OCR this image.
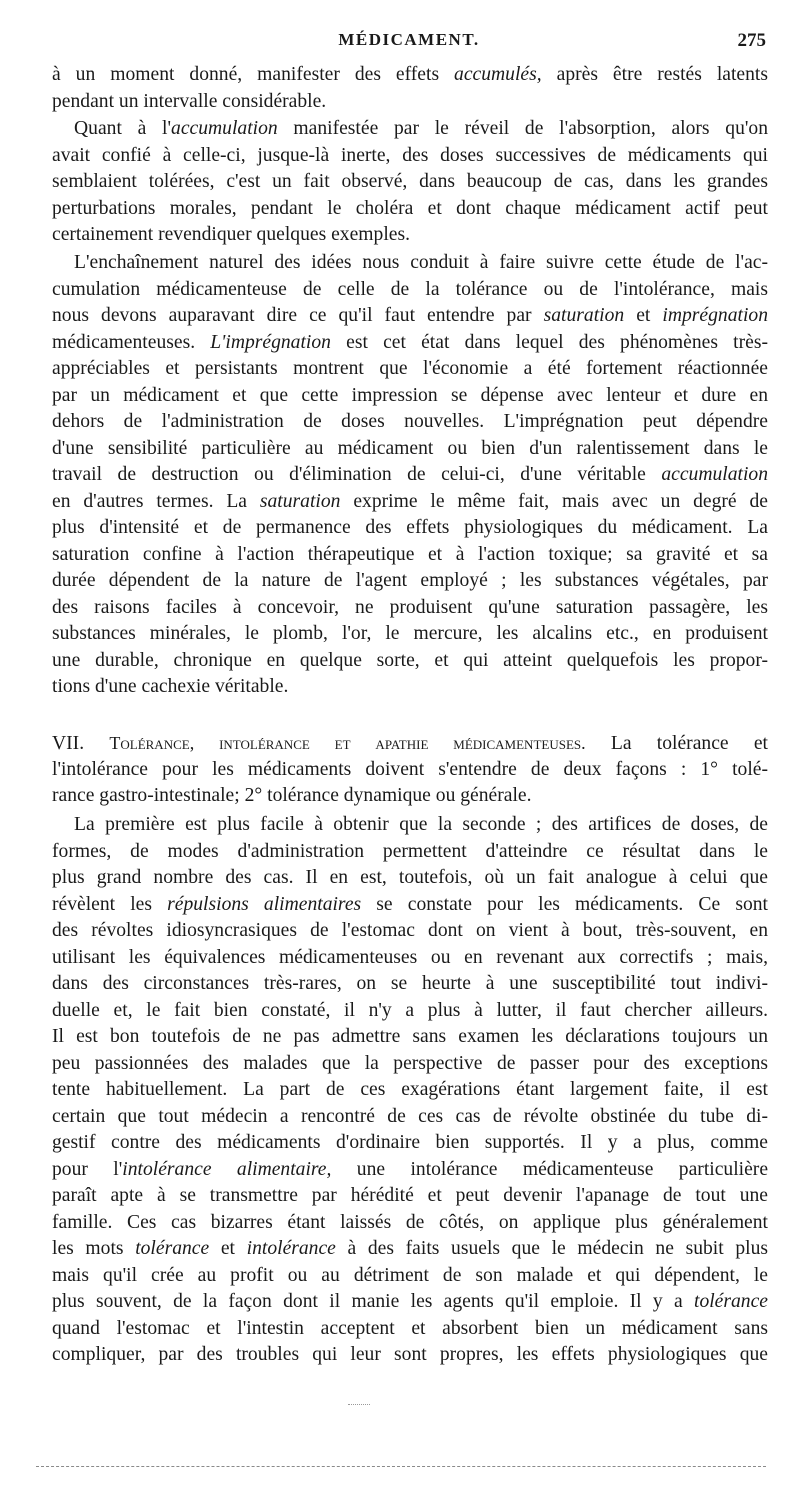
MÉDICAMENT.	275
à un moment donné, manifester des effets accumulés, après être restés latents
pendant un intervalle considérable.
Quant à l'accumulation manifestée par le réveil de l'absorption, alors qu'on
avait confié à celle-ci, jusque-là inerte, des doses successives de médicaments qui
semblaient tolérées, c'est un fait observé, dans beaucoup de cas, dans les grandes
perturbations morales, pendant le choléra et dont chaque médicament actif peut
certainement revendiquer quelques exemples.
L'enchaînement naturel des idées nous conduit à faire suivre cette étude de l'ac-
cumulation médicamenteuse de celle de la tolérance ou de l'intolérance, mais
nous devons auparavant dire ce qu'il faut entendre par saturation et imprégnation
médicamenteuses. L'imprégnation est cet état dans lequel des phénomènes très-
appréciables et persistants montrent que l'économie a été fortement réactionnée
par un médicament et que cette impression se dépense avec lenteur et dure en
dehors de l'administration de doses nouvelles. L'imprégnation peut dépendre
d'une sensibilité particulière au médicament ou bien d'un ralentissement dans le
travail de destruction ou d'élimination de celui-ci, d'une véritable accumulation
en d'autres termes. La saturation exprime le même fait, mais avec un degré de
plus d'intensité et de permanence des effets physiologiques du médicament. La
saturation confine à l'action thérapeutique et à l'action toxique; sa gravité et sa
durée dépendent de la nature de l'agent employé ; les substances végétales, par
des raisons faciles à concevoir, ne produisent qu'une saturation passagère, les
substances minérales, le plomb, l'or, le mercure, les alcalins etc., en produisent
une durable, chronique en quelque sorte, et qui atteint quelquefois les propor-
tions d'une cachexie véritable.
VII. Tolérance, intolérance et apathie médicamenteuses. La tolérance et
l'intolérance pour les médicaments doivent s'entendre de deux façons : 1° tolé-
rance gastro-intestinale; 2° tolérance dynamique ou générale.
La première est plus facile à obtenir que la seconde ; des artifices de doses, de
formes, de modes d'administration permettent d'atteindre ce résultat dans le
plus grand nombre des cas. Il en est, toutefois, où un fait analogue à celui que
révèlent les répulsions alimentaires se constate pour les médicaments. Ce sont
des révoltes idiosyncrasiques de l'estomac dont on vient à bout, très-souvent, en
utilisant les équivalences médicamenteuses ou en revenant aux correctifs ; mais,
dans des circonstances très-rares, on se heurte à une susceptibilité tout indivi-
duelle et, le fait bien constaté, il n'y a plus à lutter, il faut chercher ailleurs.
Il est bon toutefois de ne pas admettre sans examen les déclarations toujours un
peu passionnées des malades que la perspective de passer pour des exceptions
tente habituellement. La part de ces exagérations étant largement faite, il est
certain que tout médecin a rencontré de ces cas de révolte obstinée du tube di-
gestif contre des médicaments d'ordinaire bien supportés. Il y a plus, comme
pour l'intolérance alimentaire, une intolérance médicamenteuse particulière
paraît apte à se transmettre par hérédité et peut devenir l'apanage de tout une
famille. Ces cas bizarres étant laissés de côtés, on applique plus généralement
les mots tolérance et intolérance à des faits usuels que le médecin ne subit plus
mais qu'il crée au profit ou au détriment de son malade et qui dépendent, le
plus souvent, de la façon dont il manie les agents qu'il emploie. Il y a tolérance
quand l'estomac et l'intestin acceptent et absorbent bien un médicament sans
compliquer, par des troubles qui leur sont propres, les effets physiologiques que
